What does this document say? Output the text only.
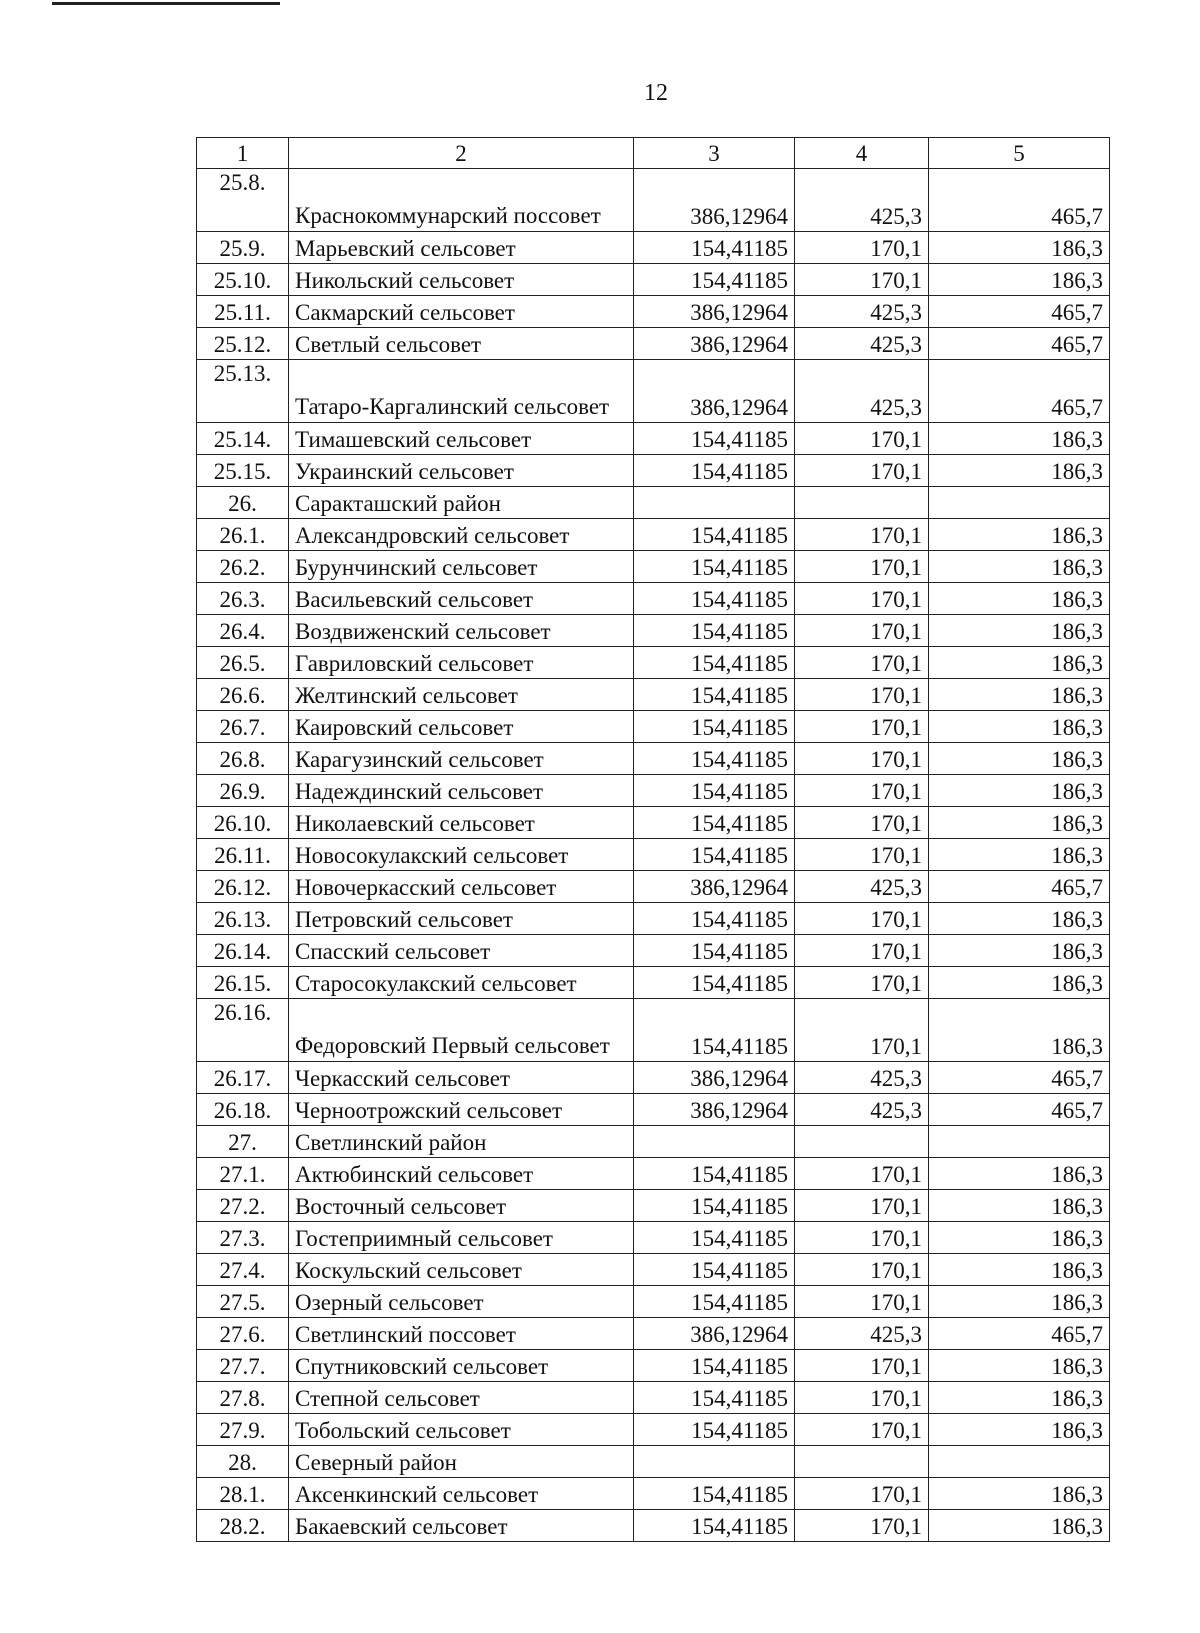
12
1	2	3	4	5
25.8.	Краснокоммунарский поссовет	386,12964	425,3	465,7
25.9.	Марьевский сельсовет	154,41185	170,1	186,3
25.10.	Никольский сельсовет	154,41185	170,1	186,3
25.11.	Сакмарский сельсовет	386,12964	425,3	465,7
25.12.	Светлый сельсовет	386,12964	425,3	465,7
25.13.	Татаро-Каргалинский сельсовет	386,12964	425,3	465,7
25.14.	Тимашевский сельсовет	154,41185	170,1	186,3
25.15.	Украинский сельсовет	154,41185	170,1	186,3
26.	Саракташский район			
26.1.	Александровский сельсовет	154,41185	170,1	186,3
26.2.	Бурунчинский сельсовет	154,41185	170,1	186,3
26.3.	Васильевский сельсовет	154,41185	170,1	186,3
26.4.	Воздвиженский сельсовет	154,41185	170,1	186,3
26.5.	Гавриловский сельсовет	154,41185	170,1	186,3
26.6.	Желтинский сельсовет	154,41185	170,1	186,3
26.7.	Каировский сельсовет	154,41185	170,1	186,3
26.8.	Карагузинский сельсовет	154,41185	170,1	186,3
26.9.	Надеждинский сельсовет	154,41185	170,1	186,3
26.10.	Николаевский сельсовет	154,41185	170,1	186,3
26.11.	Новосокулакский сельсовет	154,41185	170,1	186,3
26.12.	Новочеркасский сельсовет	386,12964	425,3	465,7
26.13.	Петровский сельсовет	154,41185	170,1	186,3
26.14.	Спасский сельсовет	154,41185	170,1	186,3
26.15.	Старосокулакский сельсовет	154,41185	170,1	186,3
26.16.	Федоровский Первый сельсовет	154,41185	170,1	186,3
26.17.	Черкасский сельсовет	386,12964	425,3	465,7
26.18.	Черноотрожский сельсовет	386,12964	425,3	465,7
27.	Светлинский район			
27.1.	Актюбинский сельсовет	154,41185	170,1	186,3
27.2.	Восточный сельсовет	154,41185	170,1	186,3
27.3.	Гостеприимный сельсовет	154,41185	170,1	186,3
27.4.	Коскульский сельсовет	154,41185	170,1	186,3
27.5.	Озерный сельсовет	154,41185	170,1	186,3
27.6.	Светлинский поссовет	386,12964	425,3	465,7
27.7.	Спутниковский сельсовет	154,41185	170,1	186,3
27.8.	Степной сельсовет	154,41185	170,1	186,3
27.9.	Тобольский сельсовет	154,41185	170,1	186,3
28.	Северный район			
28.1.	Аксенкинский сельсовет	154,41185	170,1	186,3
28.2.	Бакаевский сельсовет	154,41185	170,1	186,3
